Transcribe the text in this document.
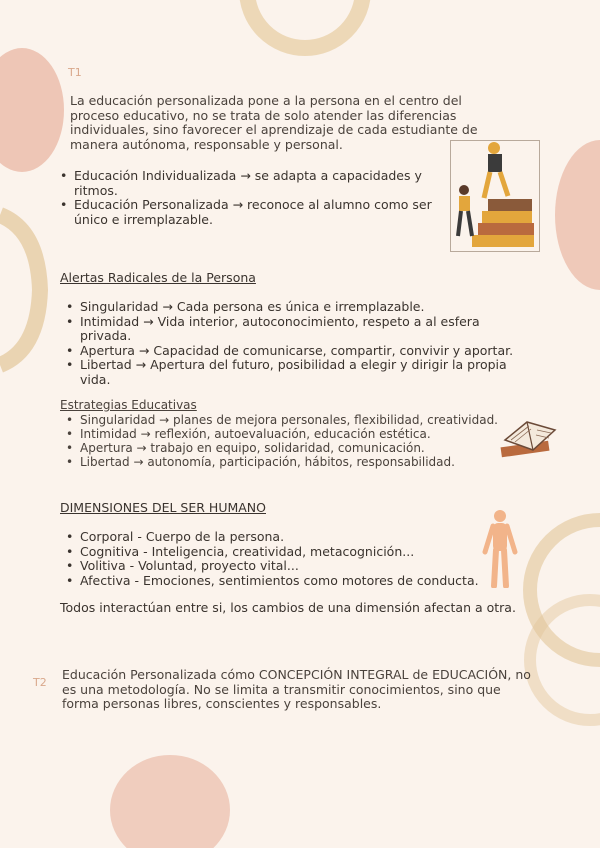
T1
La educación personalizada pone a la persona en el centro del proceso educativo, no se trata de solo atender las diferencias individuales, sino favorecer el aprendizaje de cada estudiante de manera autónoma, responsable y personal.
• Educación Individualizada → se adapta a capacidades y ritmos.
• Educación Personalizada → reconoce al alumno como ser único e irremplazable.
Alertas Radicales de la Persona
• Singularidad → Cada persona es única e irremplazable.
• Intimidad → Vida interior, autoconocimiento, respeto a al esfera privada.
• Apertura → Capacidad de comunicarse, compartir, convivir y aportar.
• Libertad → Apertura del futuro, posibilidad a elegir y dirigir la propia vida.
Estrategias Educativas
• Singularidad → planes de mejora personales, flexibilidad, creatividad.
• Intimidad → reflexión, autoevaluación, educación estética.
• Apertura → trabajo en equipo, solidaridad, comunicación.
• Libertad → autonomía, participación, hábitos, responsabilidad.
DIMENSIONES DEL SER HUMANO
• Corporal - Cuerpo de la persona.
• Cognitiva - Inteligencia, creatividad, metacognición...
• Volitiva - Voluntad, proyecto vital...
• Afectiva - Emociones, sentimientos como motores de conducta.
Todos interactúan entre si, los cambios de una dimensión afectan a otra.
T2
Educación Personalizada cómo CONCEPCIÓN INTEGRAL de EDUCACIÓN, no es una metodología. No se limita a transmitir conocimientos, sino que forma personas libres, conscientes y responsables.
